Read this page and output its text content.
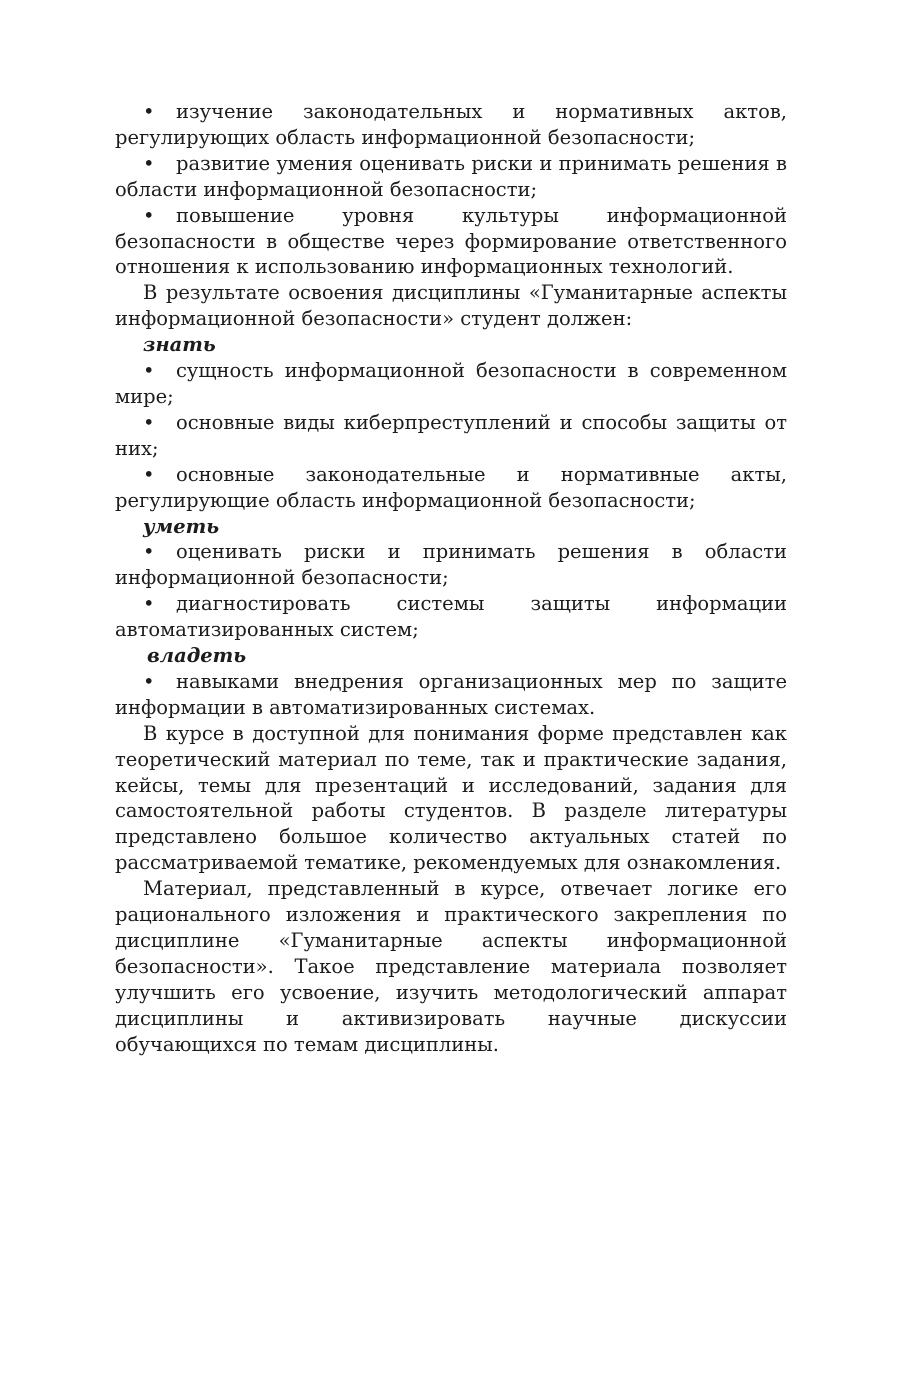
• изучение законодательных и нормативных актов, регулирующих область информационной безопасности;

• развитие умения оценивать риски и принимать решения в области информационной безопасности;

• повышение уровня культуры информационной безопасности в обществе через формирование ответственного отношения к использованию информационных технологий.

В результате освоения дисциплины «Гуманитарные аспекты информационной безопасности» студент должен:

знать

• сущность информационной безопасности в современном мире;

• основные виды киберпреступлений и способы защиты от них;

• основные законодательные и нормативные акты, регулирующие область информационной безопасности;

уметь

• оценивать риски и принимать решения в области информационной безопасности;

• диагностировать системы защиты информации автоматизированных систем;

владеть

• навыками внедрения организационных мер по защите информации в автоматизированных системах.

В курсе в доступной для понимания форме представлен как теоретический материал по теме, так и практические задания, кейсы, темы для презентаций и исследований, задания для самостоятельной работы студентов. В разделе литературы представлено большое количество актуальных статей по рассматриваемой тематике, рекомендуемых для ознакомления.

Материал, представленный в курсе, отвечает логике его рационального изложения и практического закрепления по дисциплине «Гуманитарные аспекты информационной безопасности». Такое представление материала позволяет улучшить его усвоение, изучить методологический аппарат дисциплины и активизировать научные дискуссии обучающихся по темам дисциплины.
